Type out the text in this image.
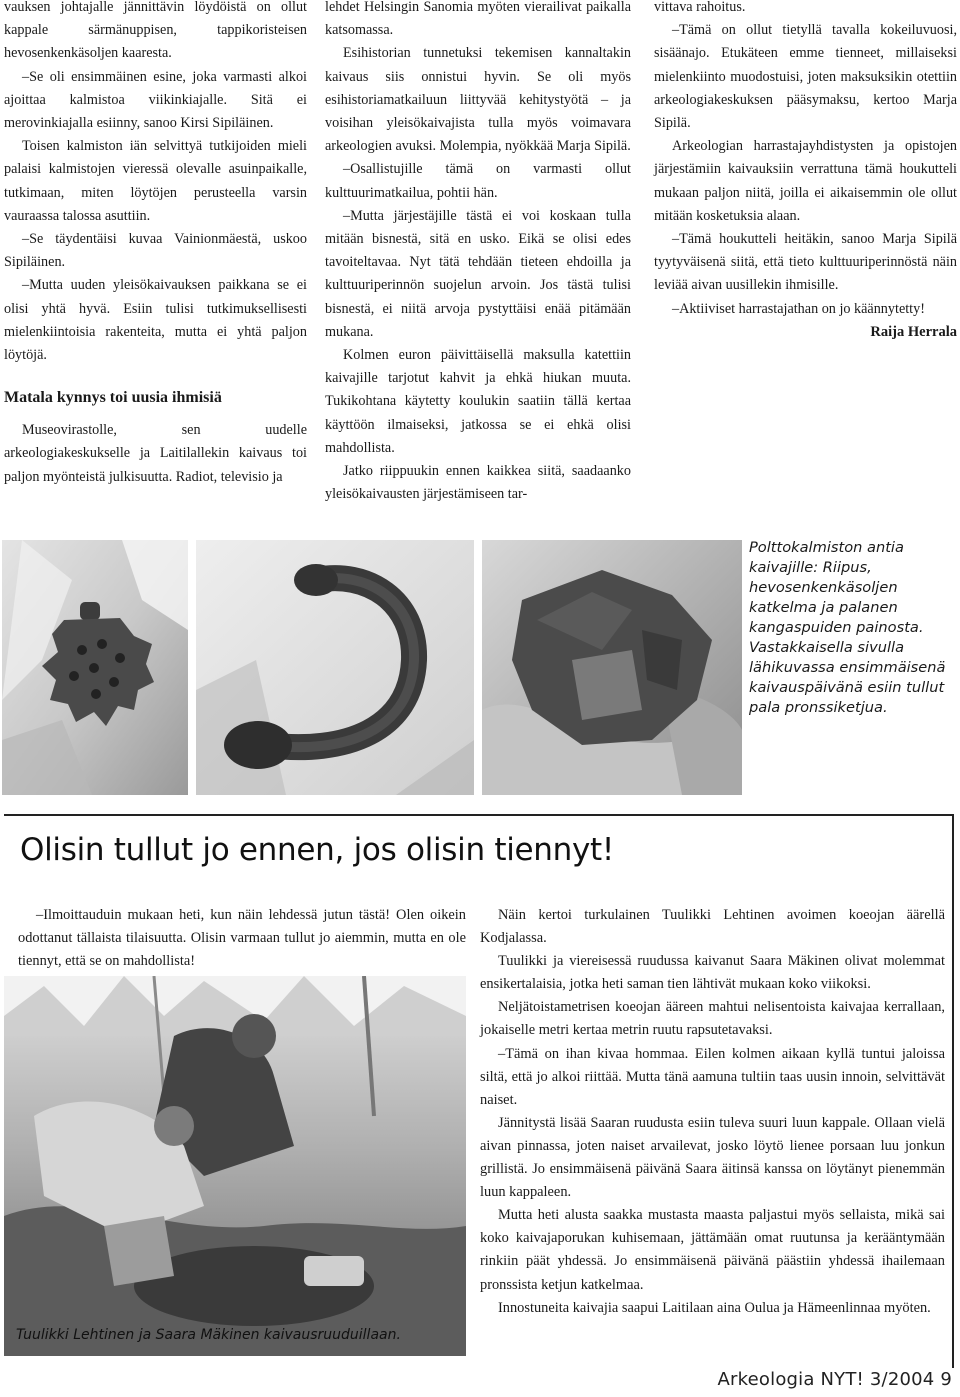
vauksen johtajalle jännittävin löydöistä on ollut kappale särmänuppisen, tappikoristeisen hevosenkenkäsoljen kaaresta.

–Se oli ensimmäinen esine, joka varmasti alkoi ajoittaa kalmistoa viikinkiajalle. Sitä ei merovinkiajalla esiinny, sanoo Kirsi Sipiläinen.

Toisen kalmiston iän selvittyä tutkijoiden mieli palaisi kalmistojen vieressä olevalle asuinpaikalle, tutkimaan, miten löytöjen perusteella varsin vauraassa talossa asuttiin.

–Se täydentäisi kuvaa Vainionmäestä, uskoo Sipiläinen.

–Mutta uuden yleisökaivauksen paikkana se ei olisi yhtä hyvä. Esiin tulisi tutkimuksellisesti mielenkiintoisia rakenteita, mutta ei yhtä paljon löytöjä.

Matala kynnys toi uusia ihmisiä

Museovirastolle, sen uudelle arkeologiakeskukselle ja Laitilallekin kaivaus toi paljon myönteistä julkisuutta. Radiot, televisio ja

lehdet Helsingin Sanomia myöten vierailivat paikalla katsomassa.

Esihistorian tunnetuksi tekemisen kannaltakin kaivaus siis onnistui hyvin. Se oli myös esihistoriamatkailuun liittyvää kehitystyötä – ja voisihan yleisökaivajista tulla myös voimavara arkeologien avuksi. Molempia, nyökkää Marja Sipilä.

–Osallistujille tämä on varmasti ollut kulttuurimatkailua, pohtii hän.

–Mutta järjestäjille tästä ei voi koskaan tulla mitään bisnestä, sitä en usko. Eikä se olisi edes tavoiteltavaa. Nyt tätä tehdään tieteen ehdoilla ja kulttuuriperinnön suojelun arvoin. Jos tästä tulisi bisnestä, ei niitä arvoja pystyttäisi enää pitämään mukana.

Kolmen euron päivittäisellä maksulla katettiin kaivajille tarjotut kahvit ja ehkä hiukan muuta. Tukikohtana käytetty koulukin saatiin tällä kertaa käyttöön ilmaiseksi, jatkossa se ei ehkä olisi mahdollista.

Jatko riippuukin ennen kaikkea siitä, saadaanko yleisökaivausten järjestämiseen tar-

vittava rahoitus.

–Tämä on ollut tietyllä tavalla kokeiluvuosi, sisäänajo. Etukäteen emme tienneet, millaiseksi mielenkiinto muodostuisi, joten maksuksikin otettiin arkeologiakeskuksen pääsymaksu, kertoo Marja Sipilä.

Arkeologian harrastajayhdistysten ja opistojen järjestämiin kaivauksiin verrattuna tämä houkutteli mukaan paljon niitä, joilla ei aikaisemmin ole ollut mitään kosketuksia alaan.

–Tämä houkutteli heitäkin, sanoo Marja Sipilä tyytyväisenä siitä, että tieto kulttuuriperinnöstä näin leviää aivan uusillekin ihmisille.

–Aktiiviset harrastajathan on jo käännytetty!

Raija Herrala

Polttokalmiston antia kaivajille: Riipus, hevosenkenkäsoljen katkelma ja palanen kangaspuiden painosta. Vastakkaisella sivulla lähikuvassa ensimmäisenä kaivauspäivänä esiin tullut pala pronssiketjua.
Olisin tullut jo ennen, jos olisin tiennyt!

–Ilmoittauduin mukaan heti, kun näin lehdessä jutun tästä! Olen oikein odottanut tällaista tilaisuutta. Olisin varmaan tullut jo aiemmin, mutta en ole tiennyt, että se on mahdollista!

Tuulikki Lehtinen ja Saara Mäkinen kaivausruuduillaan.

Näin kertoi turkulainen Tuulikki Lehtinen avoimen koeojan äärellä Kodjalassa.

Tuulikki ja viereisessä ruudussa kaivanut Saara Mäkinen olivat molemmat ensikertalaisia, jotka heti saman tien lähtivät mukaan koko viikoksi.

Neljätoistametrisen koeojan ääreen mahtui nelisentoista kaivajaa kerrallaan, jokaiselle metri kertaa metrin ruutu rapsutetavaksi.

–Tämä on ihan kivaa hommaa. Eilen kolmen aikaan kyllä tuntui jaloissa siltä, että jo alkoi riittää. Mutta tänä aamuna tultiin taas uusin innoin, selvittävät naiset.

Jännitystä lisää Saaran ruudusta esiin tuleva suuri luun kappale. Ollaan vielä aivan pinnassa, joten naiset arvailevat, josko löytö lienee porsaan luu jonkun grillistä. Jo ensimmäisenä päivänä Saara äitinsä kanssa on löytänyt pienemmän luun kappaleen.

Mutta heti alusta saakka mustasta maasta paljastui myös sellaista, mikä sai koko kaivajaporukan kuhisemaan, jättämään omat ruutunsa ja kerääntymään rinkiin päät yhdessä. Jo ensimmäisenä päivänä päästiin yhdessä ihailemaan pronssista ketjun katkelmaa.

Innostuneita kaivajia saapui Laitilaan aina Oulua ja Hämeenlinnaa myöten.

Arkeologia NYT! 3/2004 9
